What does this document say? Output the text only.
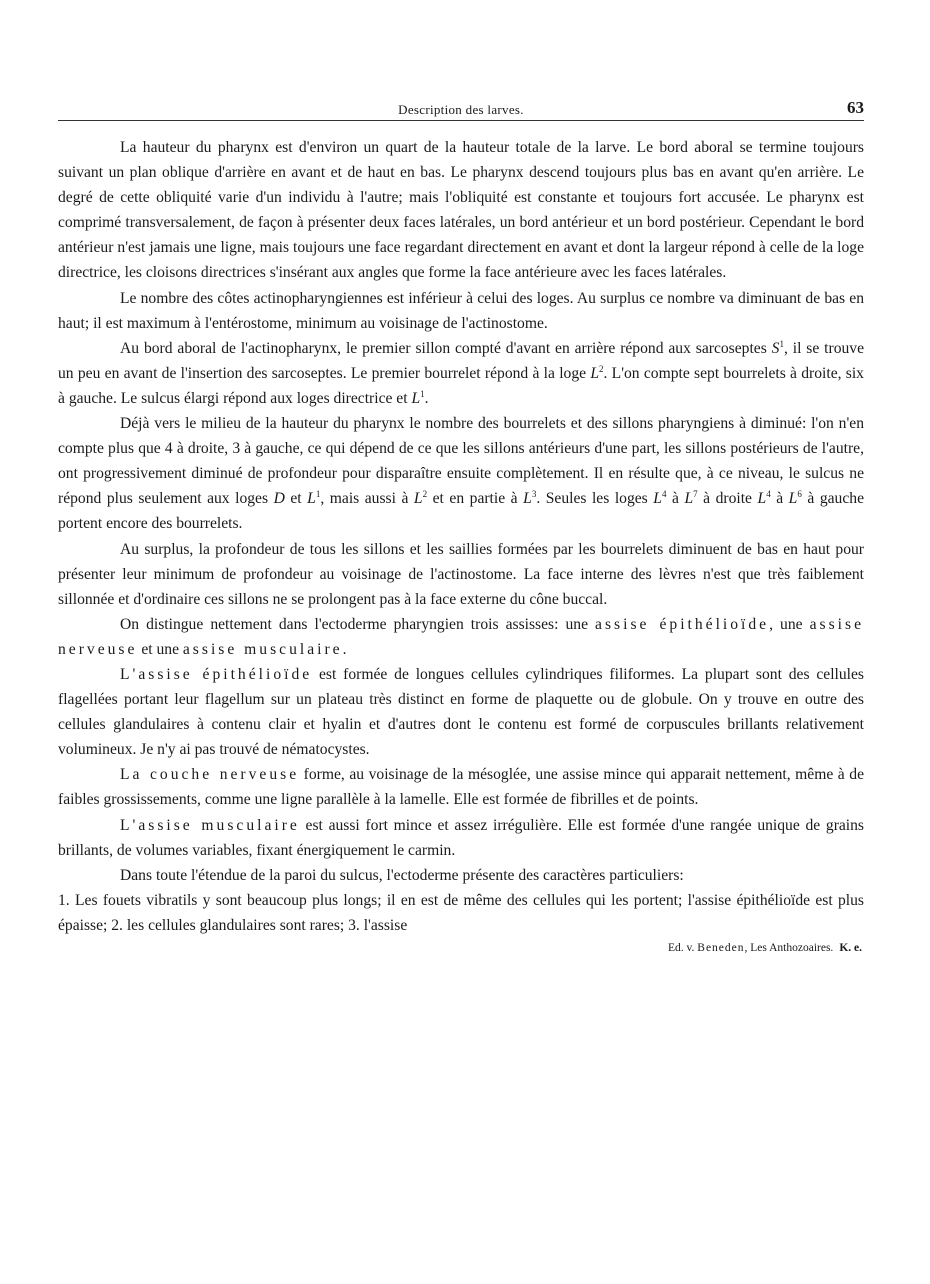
Description des larves.	63

La hauteur du pharynx est d'environ un quart de la hauteur totale de la larve. Le bord aboral se termine toujours suivant un plan oblique d'arrière en avant et de haut en bas. Le pharynx descend toujours plus bas en avant qu'en arrière. Le degré de cette obliquité varie d'un individu à l'autre; mais l'obliquité est constante et toujours fort accusée. Le pharynx est comprimé transversalement, de façon à présenter deux faces latérales, un bord antérieur et un bord postérieur. Cependant le bord antérieur n'est jamais une ligne, mais toujours une face regardant directement en avant et dont la largeur répond à celle de la loge directrice, les cloisons directrices s'insérant aux angles que forme la face antérieure avec les faces latérales.

Le nombre des côtes actinopharyngiennes est inférieur à celui des loges. Au surplus ce nombre va diminuant de bas en haut; il est maximum à l'entérostome, minimum au voisinage de l'actinostome.

Au bord aboral de l'actinopharynx, le premier sillon compté d'avant en arrière répond aux sarcoseptes $S^1$, il se trouve un peu en avant de l'insertion des sarcoseptes. Le premier bourrelet répond à la loge $L^2$. L'on compte sept bourrelets à droite, six à gauche. Le sulcus élargi répond aux loges directrice et $L^1$.

Déjà vers le milieu de la hauteur du pharynx le nombre des bourrelets et des sillons pharyngiens à diminué: l'on n'en compte plus que 4 à droite, 3 à gauche, ce qui dépend de ce que les sillons antérieurs d'une part, les sillons postérieurs de l'autre, ont progressivement diminué de profondeur pour disparaître ensuite complètement. Il en résulte que, à ce niveau, le sulcus ne répond plus seulement aux loges D et $L^1$, mais aussi à $L^2$ et en partie à $L^3$. Seules les loges $L^4$ à $L^7$ à droite $L^4$ à $L^6$ à gauche portent encore des bourrelets.

Au surplus, la profondeur de tous les sillons et les saillies formées par les bourrelets diminuent de bas en haut pour présenter leur minimum de profondeur au voisinage de l'actinostome. La face interne des lèvres n'est que très faiblement sillonnée et d'ordinaire ces sillons ne se prolongent pas à la face externe du cône buccal.

On distingue nettement dans l'ectoderme pharyngien trois assisses: une assise épithélioïde, une assise nerveuse et une assise musculaire.

L'assise épithélioïde est formée de longues cellules cylindriques filiformes. La plupart sont des cellules flagellées portant leur flagellum sur un plateau très distinct en forme de plaquette ou de globule. On y trouve en outre des cellules glandulaires à contenu clair et hyalin et d'autres dont le contenu est formé de corpuscules brillants relativement volumineux. Je n'y ai pas trouvé de nématocystes.

La couche nerveuse forme, au voisinage de la mésoglée, une assise mince qui apparait nettement, même à de faibles grossissements, comme une ligne parallèle à la lamelle. Elle est formée de fibrilles et de points.

L'assise musculaire est aussi fort mince et assez irrégulière. Elle est formée d'une rangée unique de grains brillants, de volumes variables, fixant énergiquement le carmin.

Dans toute l'étendue de la paroi du sulcus, l'ectoderme présente des caractères particuliers:

1. Les fouets vibratils y sont beaucoup plus longs; il en est de même des cellules qui les portent; l'assise épithélioïde est plus épaisse; 2. les cellules glandulaires sont rares; 3. l'assise

Ed. v. Beneden, Les Anthozoaires. K. e.
